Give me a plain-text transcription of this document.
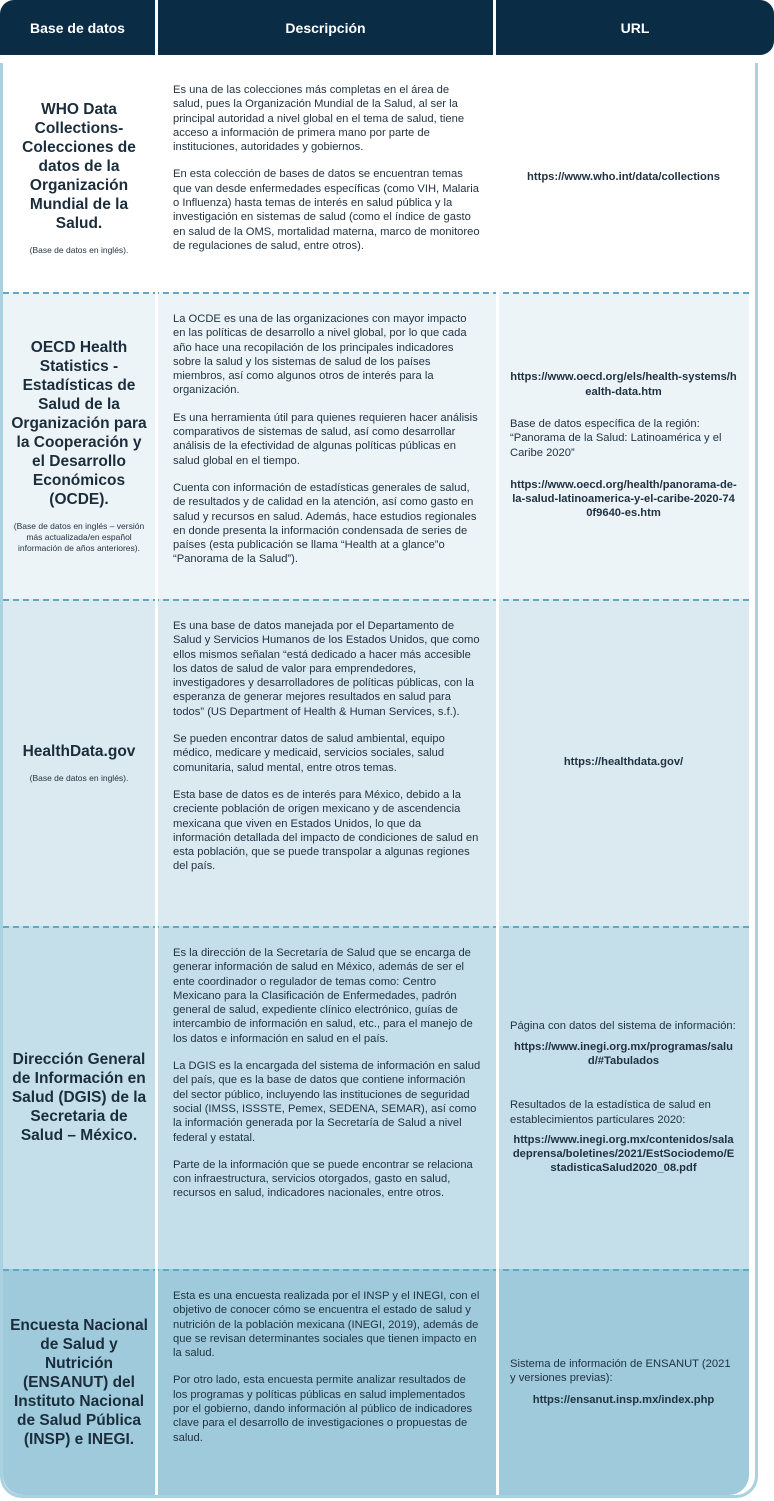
Base de datos	Descripción	URL
WHO Data Collections- Colecciones de datos de la Organización Mundial de la Salud.
(Base de datos en inglés).

Es una de las colecciones más completas en el área de salud, pues la Organización Mundial de la Salud, al ser la principal autoridad a nivel global en el tema de salud, tiene acceso a información de primera mano por parte de instituciones, autoridades y gobiernos.

En esta colección de bases de datos se encuentran temas que van desde enfermedades específicas (como VIH, Malaria o Influenza) hasta temas de interés en salud pública y la investigación en sistemas de salud (como el índice de gasto en salud de la OMS, mortalidad materna, marco de monitoreo de regulaciones de salud, entre otros).

https://www.who.int/data/collections

OECD Health Statistics - Estadísticas de Salud de la Organización para la Cooperación y el Desarrollo Económicos (OCDE).
(Base de datos en inglés – versión más actualizada/en español información de años anteriores).

La OCDE es una de las organizaciones con mayor impacto en las políticas de desarrollo a nivel global, por lo que cada año hace una recopilación de los principales indicadores sobre la salud y los sistemas de salud de los países miembros, así como algunos otros de interés para la organización.

Es una herramienta útil para quienes requieren hacer análisis comparativos de sistemas de salud, así como desarrollar análisis de la efectividad de algunas políticas públicas en salud global en el tiempo.

Cuenta con información de estadísticas generales de salud, de resultados y de calidad en la atención, así como gasto en salud y recursos en salud. Además, hace estudios regionales en donde presenta la información condensada de series de países (esta publicación se llama “Health at a glance”o “Panorama de la Salud”).

https://www.oecd.org/els/health-systems/health-data.htm

Base de datos específica de la región: “Panorama de la Salud: Latinoamérica y el Caribe 2020”

https://www.oecd.org/health/panorama-de-la-salud-latinoamerica-y-el-caribe-2020-740f9640-es.htm

HealthData.gov
(Base de datos en inglés).

Es una base de datos manejada por el Departamento de Salud y Servicios Humanos de los Estados Unidos, que como ellos mismos señalan “está dedicado a hacer más accesible los datos de salud de valor para emprendedores, investigadores y desarrolladores de políticas públicas, con la esperanza de generar mejores resultados en salud para todos” (US Department of Health & Human Services, s.f.).

Se pueden encontrar datos de salud ambiental, equipo médico, medicare y medicaid, servicios sociales, salud comunitaria, salud mental, entre otros temas.

Esta base de datos es de interés para México, debido a la creciente población de origen mexicano y de ascendencia mexicana que viven en Estados Unidos, lo que da información detallada del impacto de condiciones de salud en esta población, que se puede transpolar a algunas regiones del país.

https://healthdata.gov/

Dirección General de Información en Salud (DGIS) de la Secretaria de Salud – México.

Es la dirección de la Secretaría de Salud que se encarga de generar información de salud en México, además de ser el ente coordinador o regulador de temas como: Centro Mexicano para la Clasificación de Enfermedades, padrón general de salud, expediente clínico electrónico, guías de intercambio de información en salud, etc., para el manejo de los datos e información en salud en el país.

La DGIS es la encargada del sistema de información en salud del país, que es la base de datos que contiene información del sector público, incluyendo las instituciones de seguridad social (IMSS, ISSSTE, Pemex, SEDENA, SEMAR), así como la información generada por la Secretaría de Salud a nivel federal y estatal.

Parte de la información que se puede encontrar se relaciona con infraestructura, servicios otorgados, gasto en salud, recursos en salud, indicadores nacionales, entre otros.

Página con datos del sistema de información:

https://www.inegi.org.mx/programas/salud/#Tabulados

Resultados de la estadística de salud en establecimientos particulares 2020:

https://www.inegi.org.mx/contenidos/saladeprensa/boletines/2021/EstSociodemo/EstadisticaSalud2020_08.pdf

Encuesta Nacional de Salud y Nutrición (ENSANUT) del Instituto Nacional de Salud Pública (INSP) e INEGI.

Esta es una encuesta realizada por el INSP y el INEGI, con el objetivo de conocer cómo se encuentra el estado de salud y nutrición de la población mexicana (INEGI, 2019), además de que se revisan determinantes sociales que tienen impacto en la salud.

Por otro lado, esta encuesta permite analizar resultados de los programas y políticas públicas en salud implementados por el gobierno, dando información al público de indicadores clave para el desarrollo de investigaciones o propuestas de salud.

Sistema de información de ENSANUT (2021 y versiones previas):

https://ensanut.insp.mx/index.php
